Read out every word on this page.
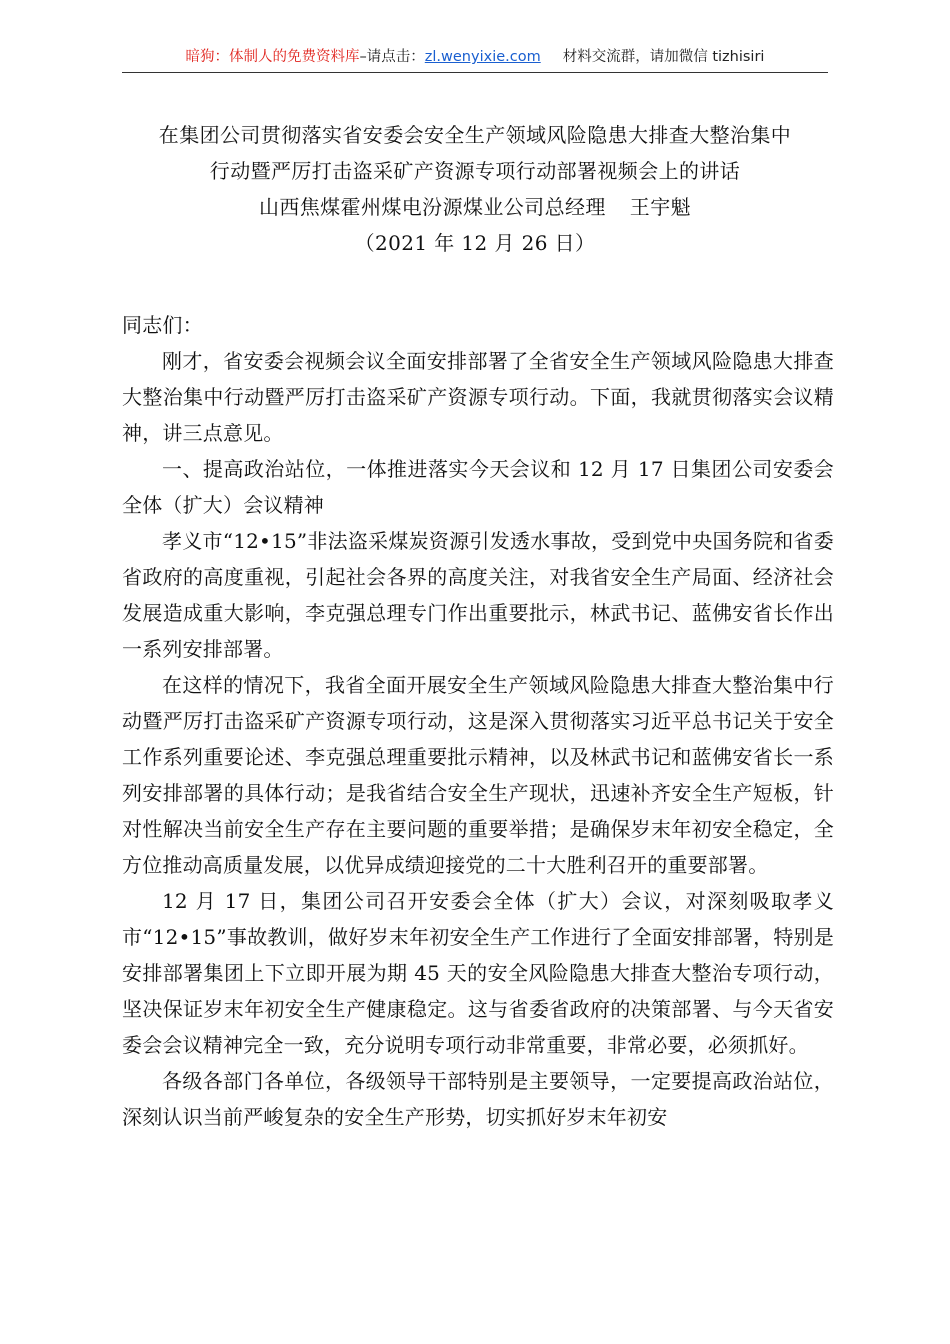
暗狗：体制人的免费资料库–请点击：zl.wenyixie.com 材料交流群，请加微信 tizhisiri
在集团公司贯彻落实省安委会安全生产领域风险隐患大排查大整治集中
行动暨严厉打击盗采矿产资源专项行动部署视频会上的讲话
山西焦煤霍州煤电汾源煤业公司总经理 王宇魁
（2021 年 12 月 26 日）

同志们：

刚才，省安委会视频会议全面安排部署了全省安全生产领域风险隐患大排查大整治集中行动暨严厉打击盗采矿产资源专项行动。下面，我就贯彻落实会议精神，讲三点意见。

一、提高政治站位，一体推进落实今天会议和 12 月 17 日集团公司安委会全体（扩大）会议精神

孝义市“12•15”非法盗采煤炭资源引发透水事故，受到党中央国务院和省委省政府的高度重视，引起社会各界的高度关注，对我省安全生产局面、经济社会发展造成重大影响，李克强总理专门作出重要批示，林武书记、蓝佛安省长作出一系列安排部署。

在这样的情况下，我省全面开展安全生产领域风险隐患大排查大整治集中行动暨严厉打击盗采矿产资源专项行动，这是深入贯彻落实习近平总书记关于安全工作系列重要论述、李克强总理重要批示精神，以及林武书记和蓝佛安省长一系列安排部署的具体行动；是我省结合安全生产现状，迅速补齐安全生产短板，针对性解决当前安全生产存在主要问题的重要举措；是确保岁末年初安全稳定，全方位推动高质量发展，以优异成绩迎接党的二十大胜利召开的重要部署。

12 月 17 日，集团公司召开安委会全体（扩大）会议，对深刻吸取孝义市“12•15”事故教训，做好岁末年初安全生产工作进行了全面安排部署，特别是安排部署集团上下立即开展为期 45 天的安全风险隐患大排查大整治专项行动，坚决保证岁末年初安全生产健康稳定。这与省委省政府的决策部署、与今天省安委会会议精神完全一致，充分说明专项行动非常重要，非常必要，必须抓好。

各级各部门各单位，各级领导干部特别是主要领导，一定要提高政治站位，深刻认识当前严峻复杂的安全生产形势，切实抓好岁末年初安
